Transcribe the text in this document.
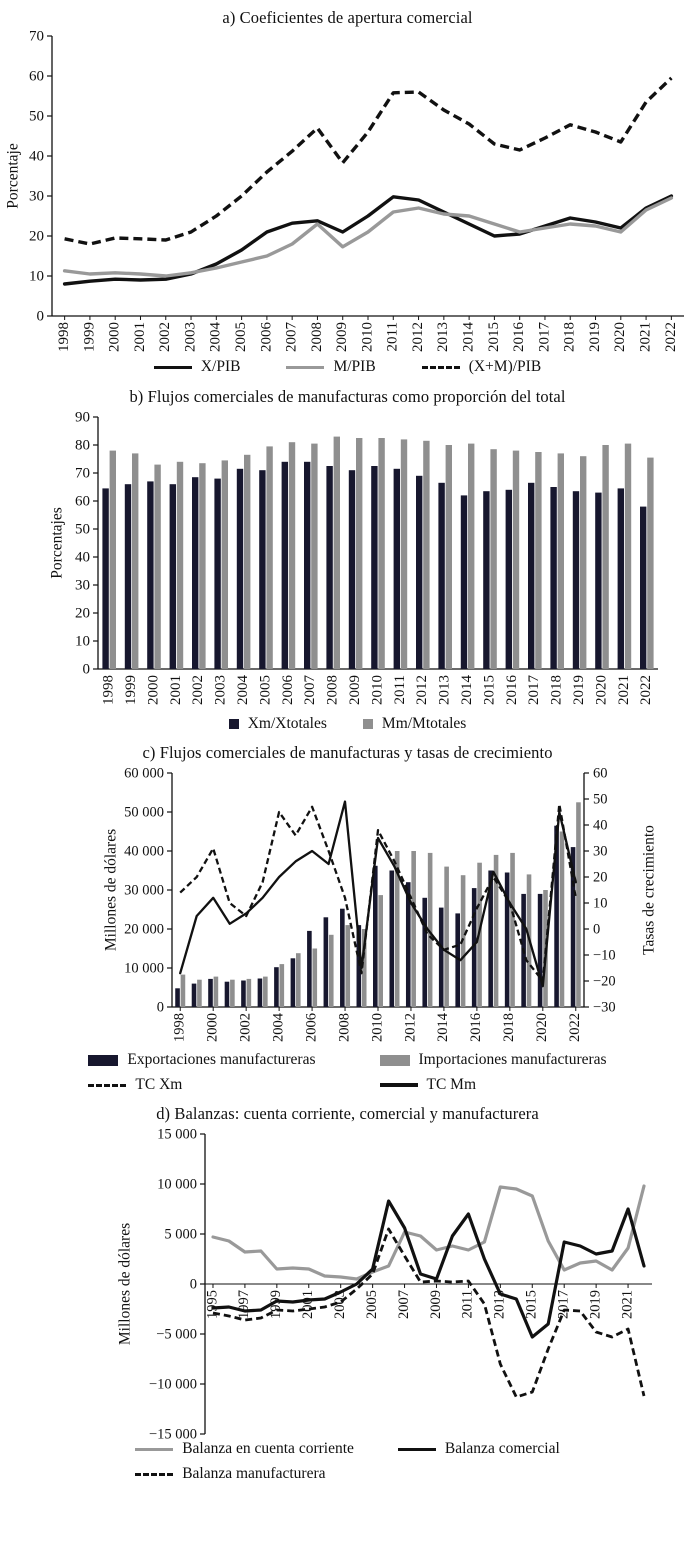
a) Coeficientes de apertura comercial
0
10
20
30
40
50
60
70
1998 1999 2000 2001 2002 2003 2004 2005 2006 2007 2008 2009 2010 2011 2012 2013 2014 2015 2016 2017 2018 2019 2020 2021 2022
Porcentaje
X/PIB	M/PIB	(X+M)/PIB
b) Flujos comerciales de manufacturas como proporción del total
0
10
20
30
40
50
60
70
80
90
1998 1999 2000 2001 2002 2003 2004 2005 2006 2007 2008 2009 2010 2011 2012 2013 2014 2015 2016 2017 2018 2019 2020 2021 2022
Porcentajes
Xm/Xtotales	Mm/Mtotales
c) Flujos comerciales de manufacturas y tasas de crecimiento
0
10 000
20 000
30 000
40 000
50 000
60 000
−30
−20
−10
0
10
20
30
40
50
60
1998 2000 2002 2004 2006 2008 2010 2012 2014 2016 2018 2020 2022
Millones de dólares	Tasas de crecimiento
Exportaciones manufactureras	Importaciones manufactureras
TC Xm	TC Mm
d) Balanzas: cuenta corriente, comercial y manufacturera
−15 000
−10 000
−5 000
0
5 000
10 000
15 000
1995 1997 1999 2001 2003 2005 2007 2009 2011 2013 2015 2017 2019 2021
Millones de dólares
Balanza en cuenta corriente	Balanza comercial
Balanza manufacturera
